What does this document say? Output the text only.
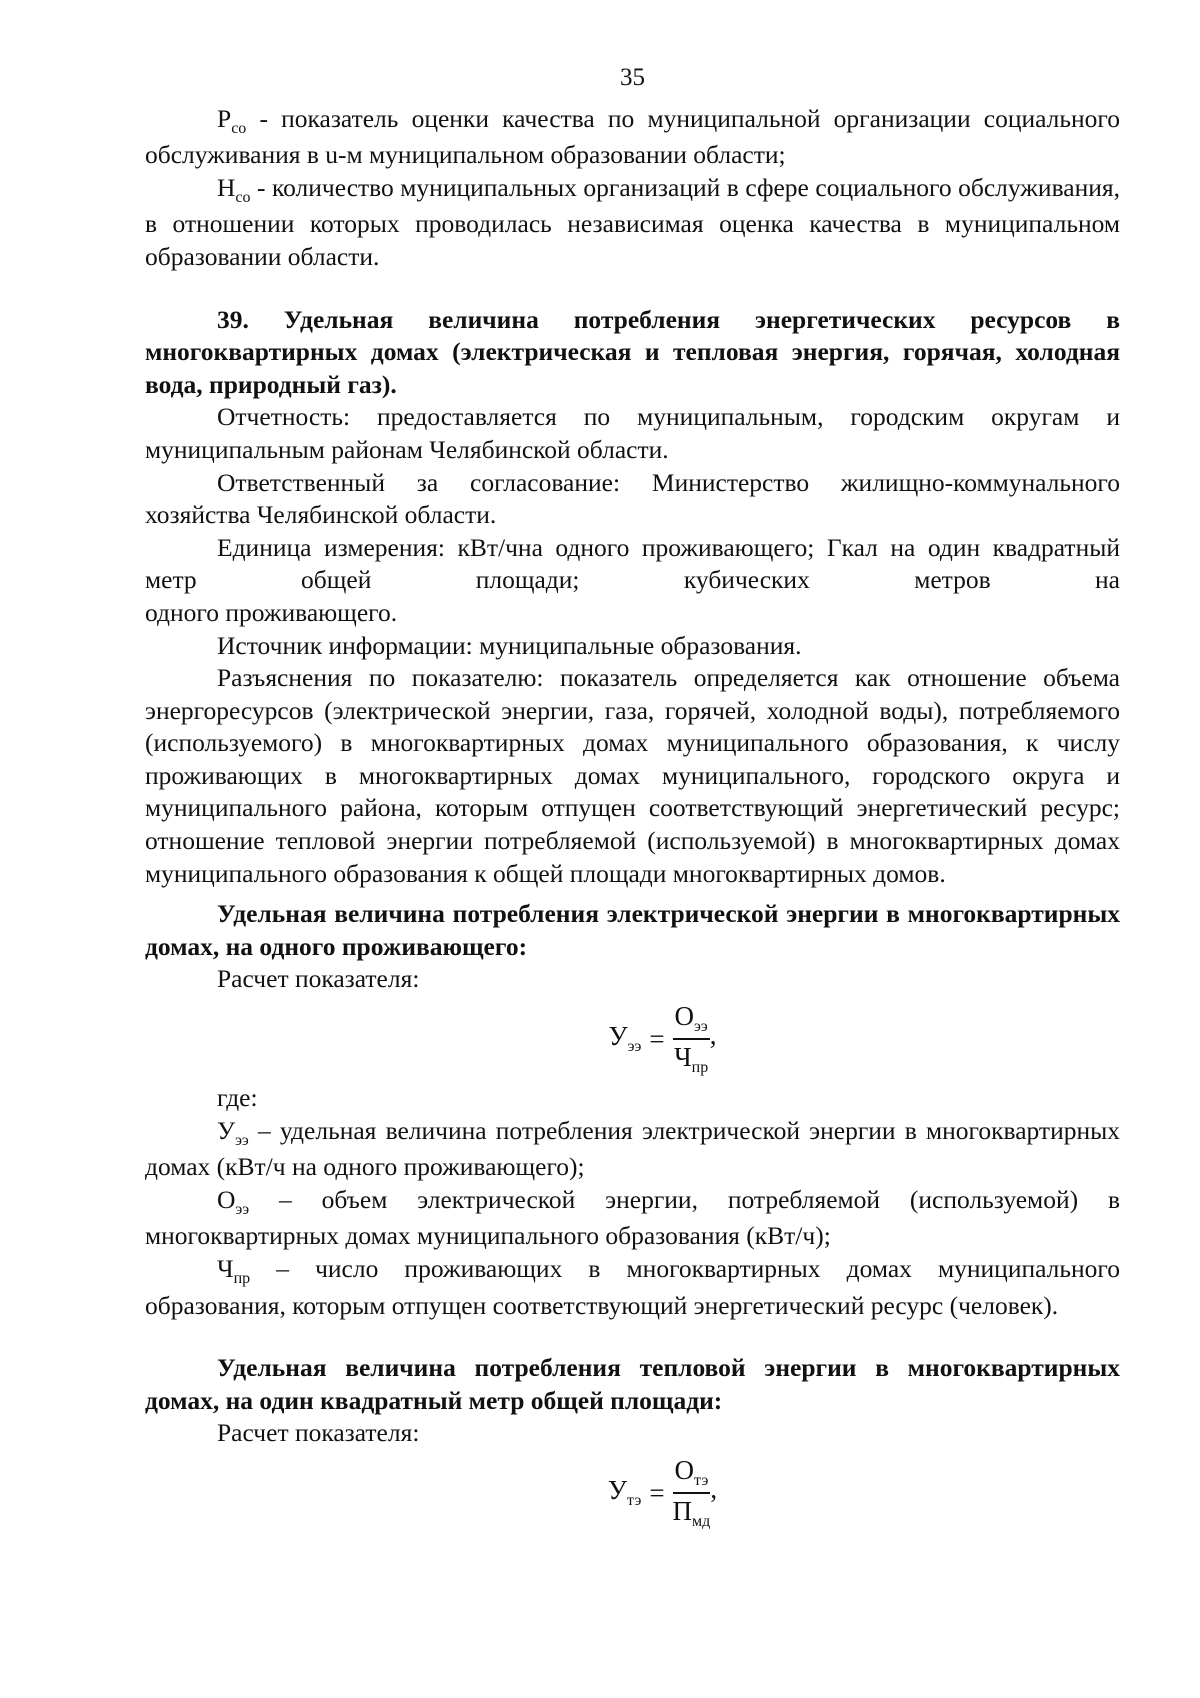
35

$Р_{со}$ - показатель оценки качества по муниципальной организации социального обслуживания в u-м муниципальном образовании области;

$Н_{со}$ - количество муниципальных организаций в сфере социального обслуживания, в отношении которых проводилась независимая оценка качества в муниципальном образовании области.

39. Удельная величина потребления энергетических ресурсов в многоквартирных домах (электрическая и тепловая энергия, горячая, холодная вода, природный газ).

Отчетность: предоставляется по муниципальным, городским округам и муниципальным районам Челябинской области.

Ответственный за согласование: Министерство жилищно-коммунального хозяйства Челябинской области.

Единица измерения: кВт/чна одного проживающего; Гкал на один квадратный метр общей площади; кубических метров на

одного проживающего.

Источник информации: муниципальные образования.

Разъяснения по показателю: показатель определяется как отношение объема энергоресурсов (электрической энергии, газа, горячей, холодной воды), потребляемого (используемого) в многоквартирных домах муниципального образования, к числу проживающих в многоквартирных домах муниципального, городского округа и муниципального района, которым отпущен соответствующий энергетический ресурс; отношение тепловой энергии потребляемой (используемой) в многоквартирных домах муниципального образования к общей площади многоквартирных домов.

Удельная величина потребления электрической энергии в многоквартирных домах, на одного проживающего:

Расчет показателя:

$У_{ээ} = \frac{О_{ээ}}{Ч_{пр}}$ ,

где:

$У_{ээ}$ – удельная величина потребления электрической энергии в многоквартирных домах (кВт/ч на одного проживающего);

$О_{ээ}$ – объем электрической энергии, потребляемой (используемой) в многоквартирных домах муниципального образования (кВт/ч);

$Ч_{пр}$ – число проживающих в многоквартирных домах муниципального образования, которым отпущен соответствующий энергетический ресурс (человек).

Удельная величина потребления тепловой энергии в многоквартирных домах, на один квадратный метр общей площади:

Расчет показателя:

$У_{тэ} = \frac{О_{тэ}}{П_{мд}}$ ,
